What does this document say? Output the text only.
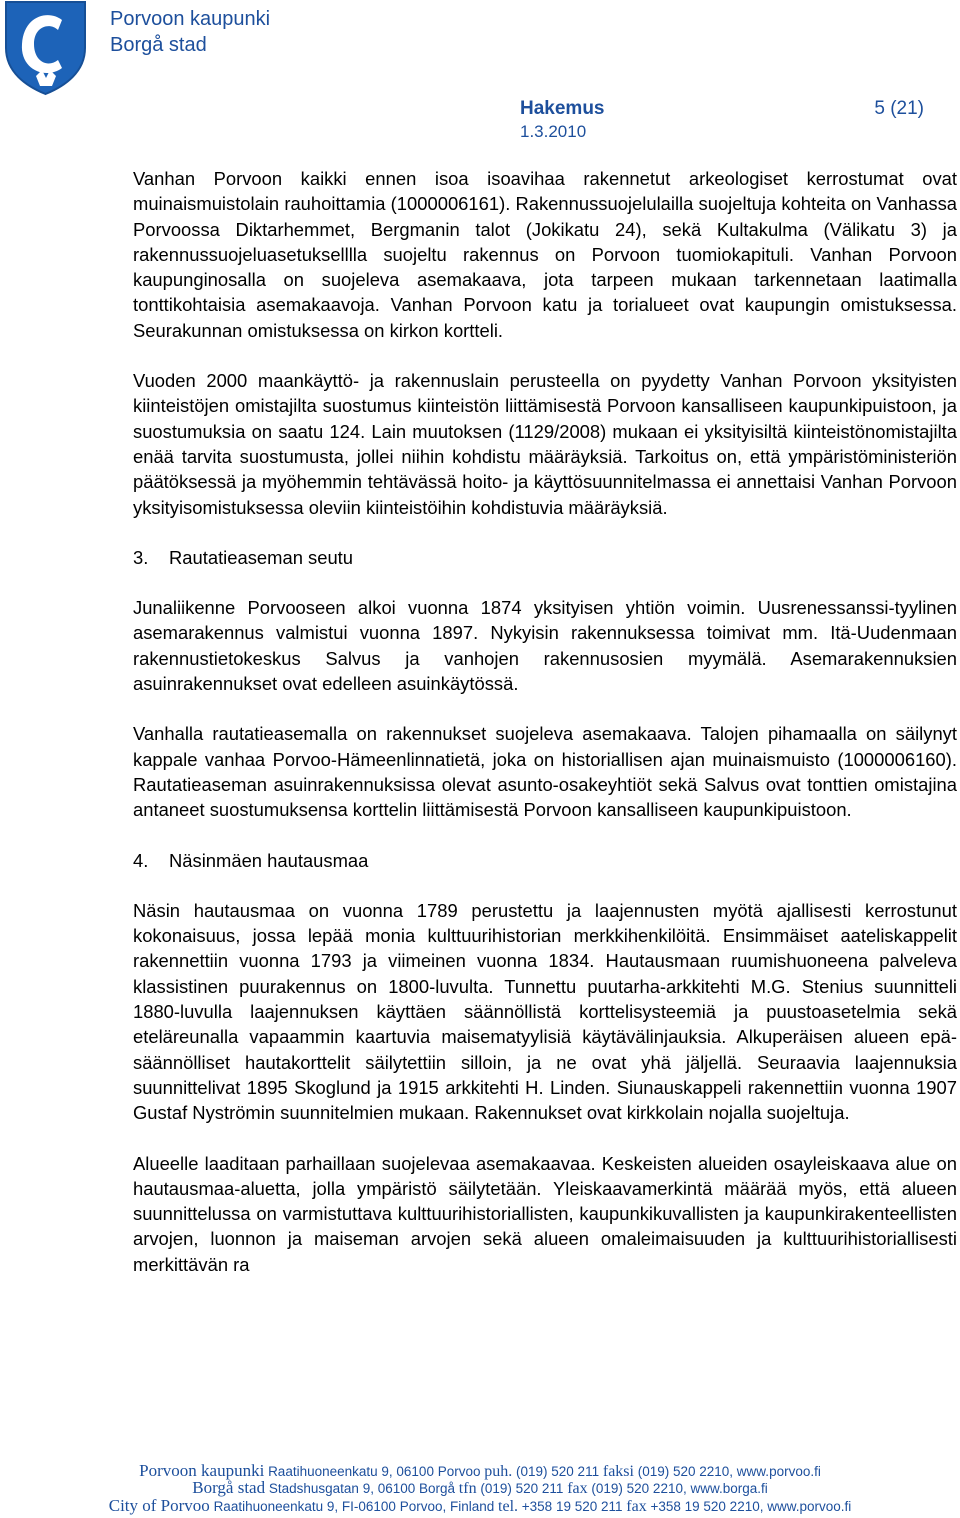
Porvoon kaupunki
Borgå stad
Hakemus	5 (21)
1.3.2010

Vanhan Porvoon kaikki ennen isoa isoavihaa rakennetut arkeologiset kerrostumat ovat muinaismuistolain rauhoittamia (1000006161). Rakennussuojelulailla suojeltuja kohteita on Vanhassa Porvoossa Diktarhemmet, Bergmanin talot (Jokikatu 24), sekä Kultakulma (Välikatu 3) ja rakennussuojeluasetukselllla suojeltu rakennus on Porvoon tuomiokapituli. Vanhan Porvoon kaupunginosalla on suojeleva asemakaava, jota tarpeen mukaan tarkennetaan laatimalla tonttikohtaisia asemakaavoja. Vanhan Porvoon katu ja torialueet ovat kaupungin omistuksessa. Seurakunnan omistuksessa on kirkon kortteli.

Vuoden 2000 maankäyttö- ja rakennuslain perusteella on pyydetty Vanhan Porvoon yksityisten kiinteistöjen omistajilta suostumus kiinteistön liittämisestä Porvoon kansalliseen kaupunkipuistoon, ja suostumuksia on saatu 124. Lain muutoksen (1129/2008) mukaan ei yksityisiltä kiinteistönomistajilta enää tarvita suostumusta, jollei niihin kohdistu määräyksiä. Tarkoitus on, että ympäristöministeriön päätöksessä ja myöhemmin tehtävässä hoito- ja käyttösuunnitelmassa ei annettaisi Vanhan Porvoon yksityisomistuksessa oleviin kiinteistöihin kohdistuvia määräyksiä.

3.	Rautatieaseman seutu

Junaliikenne Porvooseen alkoi vuonna 1874 yksityisen yhtiön voimin. Uusrenessanssi-tyylinen asemarakennus valmistui vuonna 1897. Nykyisin rakennuksessa toimivat mm. Itä-Uudenmaan rakennustietokeskus Salvus ja vanhojen rakennusosien myymälä. Asemarakennuksien asuinrakennukset ovat edelleen asuinkäytössä.

Vanhalla rautatieasemalla on rakennukset suojeleva asemakaava. Talojen pihamaalla on säilynyt kappale vanhaa Porvoo-Hämeenlinnatietä, joka on historiallisen ajan muinaismuisto (1000006160). Rautatieaseman asuinrakennuksissa olevat asunto-osakeyhtiöt sekä Salvus ovat tonttien omistajina antaneet suostumuksensa korttelin liittämisestä Porvoon kansalliseen kaupunkipuistoon.

4.	Näsinmäen hautausmaa

Näsin hautausmaa on vuonna 1789 perustettu ja laajennusten myötä ajallisesti kerrostunut kokonaisuus, jossa lepää monia kulttuurihistorian merkkihenkilöitä. Ensimmäiset aateliskappelit rakennettiin vuonna 1793 ja viimeinen vuonna 1834. Hautausmaan ruumishuoneena palveleva klassistinen puurakennus on 1800-luvulta. Tunnettu puutarha-arkkitehti M.G. Stenius suunnitteli 1880-luvulla laajennuksen käyttäen säännöllistä korttelisysteemiä ja puustoasetelmia sekä eteläreunalla vapaammin kaartuvia maisematyylisiä käytävälinjauksia. Alkuperäisen alueen epäsäännölliset hautakorttelit säilytettiin silloin, ja ne ovat yhä jäljellä. Seuraavia laajennuksia suunnittelivat 1895 Skoglund ja 1915 arkkitehti H. Linden. Siunauskappeli rakennettiin vuonna 1907 Gustaf Nyströmin suunnitelmien mukaan. Rakennukset ovat kirkkolain nojalla suojeltuja.

Alueelle laaditaan parhaillaan suojelevaa asemakaavaa. Keskeisten alueiden osayleiskaava alue on hautausmaa-aluetta, jolla ympäristö säilytetään. Yleiskaavamerkintä määrää myös, että alueen suunnittelussa on varmistuttava kulttuurihistoriallisten, kaupunkikuvallisten ja kaupunkirakenteellisten arvojen, luonnon ja maiseman arvojen sekä alueen omaleimaisuuden ja kulttuurihistoriallisesti merkittävän ra

Porvoon kaupunki Raatihuoneenkatu 9, 06100 Porvoo puh. (019) 520 211 faksi (019) 520 2210, www.porvoo.fi
Borgå stad Stadshusgatan 9, 06100 Borgå tfn (019) 520 211 fax (019) 520 2210, www.borga.fi
City of Porvoo Raatihuoneenkatu 9, FI-06100 Porvoo, Finland tel. +358 19 520 211 fax +358 19 520 2210, www.porvoo.fi
